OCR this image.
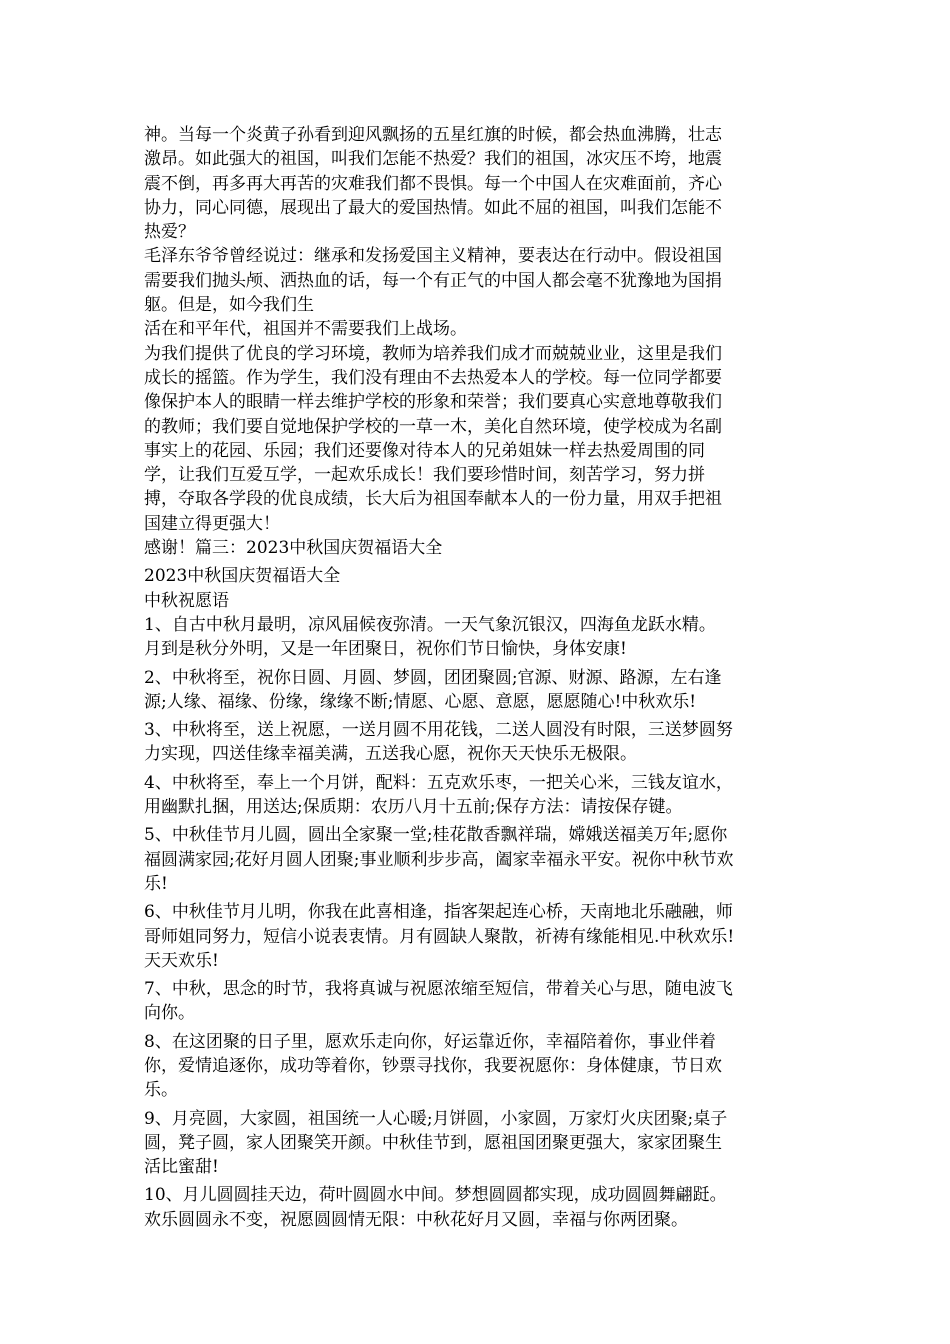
神。当每一个炎黄子孙看到迎风飘扬的五星红旗的时候，都会热血沸腾，壮志
激昂。如此强大的祖国，叫我们怎能不热爱？我们的祖国，冰灾压不垮，地震
震不倒，再多再大再苦的灾难我们都不畏惧。每一个中国人在灾难面前，齐心
协力，同心同德，展现出了最大的爱国热情。如此不屈的祖国，叫我们怎能不
热爱？
毛泽东爷爷曾经说过：继承和发扬爱国主义精神，要表达在行动中。假设祖国
需要我们抛头颅、洒热血的话，每一个有正气的中国人都会毫不犹豫地为国捐
躯。但是，如今我们生
活在和平年代，祖国并不需要我们上战场。
为我们提供了优良的学习环境，教师为培养我们成才而兢兢业业，这里是我们
成长的摇篮。作为学生，我们没有理由不去热爱本人的学校。每一位同学都要
像保护本人的眼睛一样去维护学校的形象和荣誉；我们要真心实意地尊敬我们
的教师；我们要自觉地保护学校的一草一木，美化自然环境，使学校成为名副
事实上的花园、乐园；我们还要像对待本人的兄弟姐妹一样去热爱周围的同
学，让我们互爱互学，一起欢乐成长！我们要珍惜时间，刻苦学习，努力拼
搏，夺取各学段的优良成绩，长大后为祖国奉献本人的一份力量，用双手把祖
国建立得更强大！
感谢！篇三：2023中秋国庆贺福语大全
2023中秋国庆贺福语大全
中秋祝愿语
1、自古中秋月最明，凉风届候夜弥清。一天气象沉银汉，四海鱼龙跃水精。
月到是秋分外明，又是一年团聚日，祝你们节日愉快，身体安康!
2、中秋将至，祝你日圆、月圆、梦圆，团团聚圆;官源、财源、路源，左右逢
源;人缘、福缘、份缘，缘缘不断;情愿、心愿、意愿，愿愿随心!中秋欢乐!
3、中秋将至，送上祝愿，一送月圆不用花钱，二送人圆没有时限，三送梦圆努
力实现，四送佳缘幸福美满，五送我心愿，祝你天天快乐无极限。
4、中秋将至，奉上一个月饼，配料：五克欢乐枣，一把关心米，三钱友谊水，
用幽默扎捆，用送达;保质期：农历八月十五前;保存方法：请按保存键。
5、中秋佳节月儿圆，圆出全家聚一堂;桂花散香飘祥瑞，嫦娥送福美万年;愿你
福圆满家园;花好月圆人团聚;事业顺利步步高，阖家幸福永平安。祝你中秋节欢
乐!
6、中秋佳节月儿明，你我在此喜相逢，指客架起连心桥，天南地北乐融融，师
哥师姐同努力，短信小说表衷情。月有圆缺人聚散，祈祷有缘能相见.中秋欢乐!
天天欢乐!
7、中秋，思念的时节，我将真诚与祝愿浓缩至短信，带着关心与思，随电波飞
向你。
8、在这团聚的日子里，愿欢乐走向你，好运靠近你，幸福陪着你，事业伴着
你，爱情追逐你，成功等着你，钞票寻找你，我要祝愿你：身体健康，节日欢
乐。
9、月亮圆，大家圆，祖国统一人心暖;月饼圆，小家圆，万家灯火庆团聚;桌子
圆，凳子圆，家人团聚笑开颜。中秋佳节到，愿祖国团聚更强大，家家团聚生
活比蜜甜!
10、月儿圆圆挂天边，荷叶圆圆水中间。梦想圆圆都实现，成功圆圆舞翩跹。
欢乐圆圆永不变，祝愿圆圆情无限：中秋花好月又圆，幸福与你两团聚。
